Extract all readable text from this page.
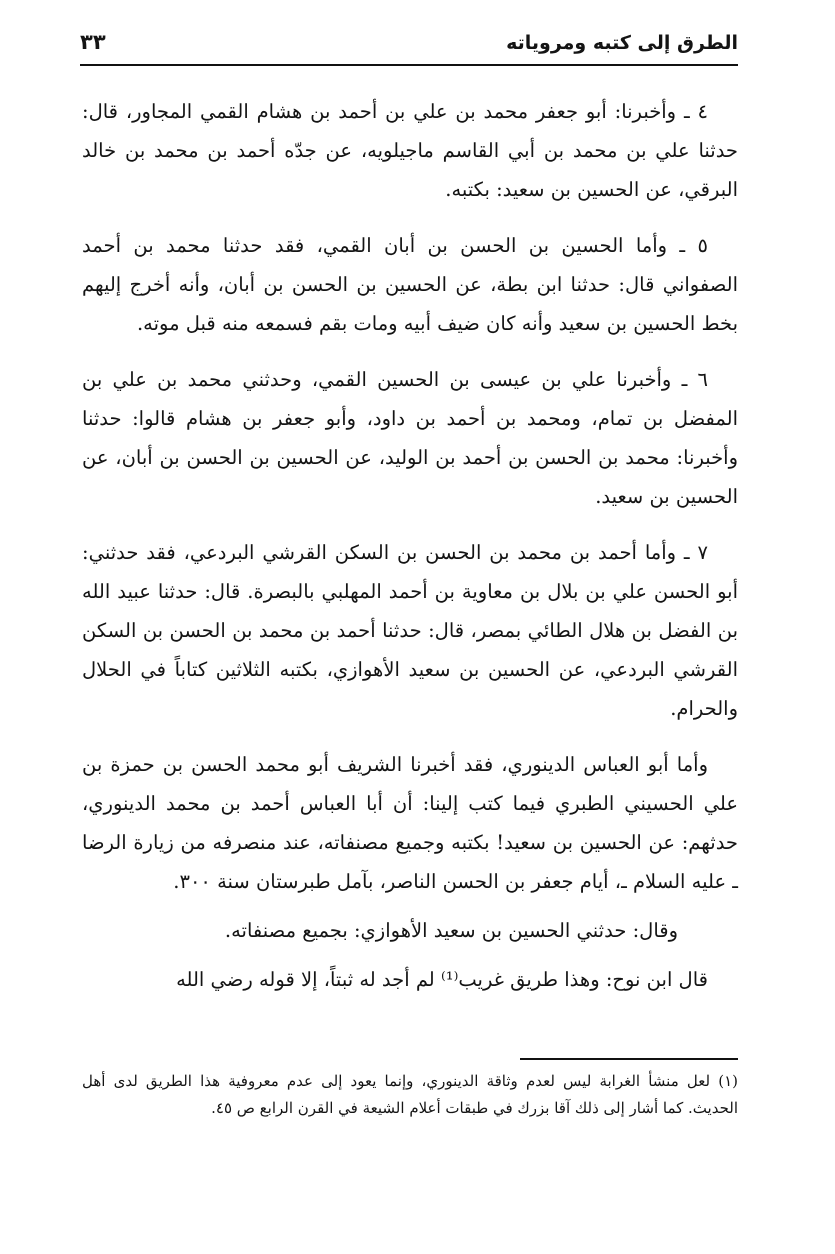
الطرق إلى كتبه ومروياته
٣٣

٤ ـ وأخبرنا: أبو جعفر محمد بن علي بن أحمد بن هشام القمي المجاور، قال: حدثنا علي بن محمد بن أبي القاسم ماجيلويه، عن جدّه أحمد بن محمد بن خالد البرقي، عن الحسين بن سعيد: بكتبه.

٥ ـ وأما الحسين بن الحسن بن أبان القمي، فقد حدثنا محمد بن أحمد الصفواني قال: حدثنا ابن بطة، عن الحسين بن الحسن بن أبان، وأنه أخرج إليهم بخط الحسين بن سعيد وأنه كان ضيف أبيه ومات بقم فسمعه منه قبل موته.

٦ ـ وأخبرنا علي بن عيسى بن الحسين القمي، وحدثني محمد بن علي بن المفضل بن تمام، ومحمد بن أحمد بن داود، وأبو جعفر بن هشام قالوا: حدثنا وأخبرنا: محمد بن الحسن بن أحمد بن الوليد، عن الحسين بن الحسن بن أبان، عن الحسين بن سعيد.

٧ ـ وأما أحمد بن محمد بن الحسن بن السكن القرشي البردعي، فقد حدثني: أبو الحسن علي بن بلال بن معاوية بن أحمد المهلبي بالبصرة. قال: حدثنا عبيد الله بن الفضل بن هلال الطائي بمصر، قال: حدثنا أحمد بن محمد بن الحسن بن السكن القرشي البردعي، عن الحسين بن سعيد الأهوازي، بكتبه الثلاثين كتاباً في الحلال والحرام.

وأما أبو العباس الدينوري، فقد أخبرنا الشريف أبو محمد الحسن بن حمزة بن علي الحسيني الطبري فيما كتب إلينا: أن أبا العباس أحمد بن محمد الدينوري، حدثهم: عن الحسين بن سعيد! بكتبه وجميع مصنفاته، عند منصرفه من زيارة الرضا ـ عليه السلام ـ، أيام جعفر بن الحسن الناصر، بآمل طبرستان سنة ٣٠٠.

وقال: حدثني الحسين بن سعيد الأهوازي: بجميع مصنفاته.

قال ابن نوح: وهذا طريق غريب⁽¹⁾ لم أجد له ثبتاً، إلا قوله رضي الله

(١) لعل منشأ الغرابة ليس لعدم وثاقة الدينوري، وإنما يعود إلى عدم معروفية هذا الطريق لدى أهل الحديث. كما أشار إلى ذلك آقا بزرك في طبقات أعلام الشيعة في القرن الرابع ص ٤٥.
